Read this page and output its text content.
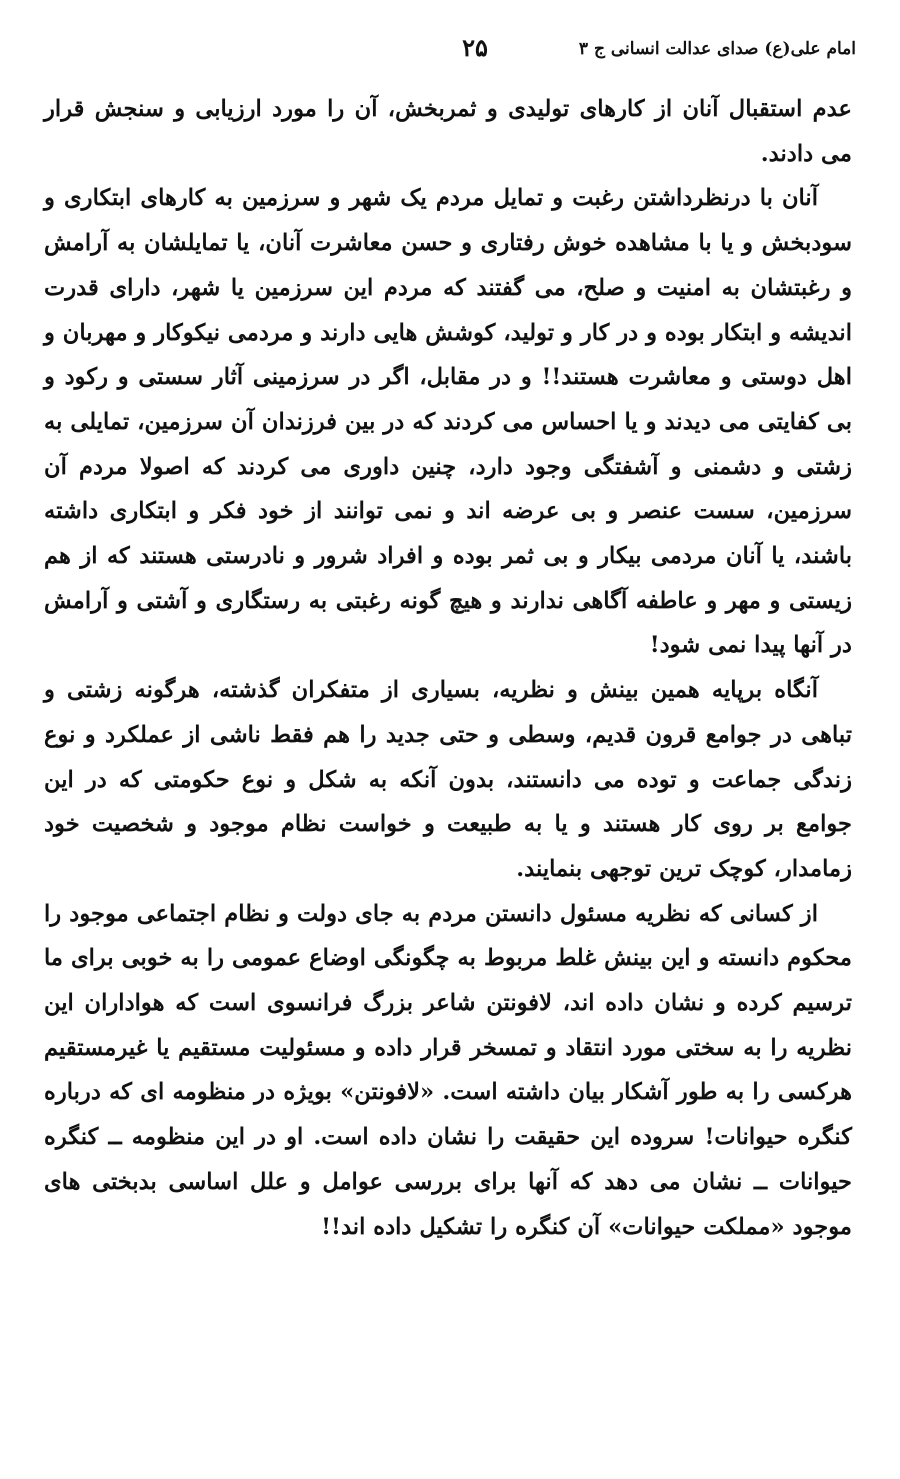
امام علی(ع) صدای عدالت انسانی ج ۳
۲۵

عدم استقبال آنان از کارهای تولیدی و ثمربخش، آن را مورد ارزیابی و سنجش قرار می دادند.

آنان با درنظرداشتن رغبت و تمایل مردم یک شهر و سرزمین به کارهای ابتکاری و سودبخش و یا با مشاهده خوش رفتاری و حسن معاشرت آنان، یا تمایلشان به آرامش و رغبتشان به امنیت و صلح، می گفتند که مردم این سرزمین یا شهر، دارای قدرت اندیشه و ابتکار بوده و در کار و تولید، کوشش هایی دارند و مردمی نیکوکار و مهربان و اهل دوستی و معاشرت هستند!! و در مقابل، اگر در سرزمینی آثار سستی و رکود و بی کفایتی می دیدند و یا احساس می کردند که در بین فرزندان آن سرزمین، تمایلی به زشتی و دشمنی و آشفتگی وجود دارد، چنین داوری می کردند که اصولا مردم آن سرزمین، سست عنصر و بی عرضه اند و نمی توانند از خود فکر و ابتکاری داشته باشند، یا آنان مردمی بیکار و بی ثمر بوده و افراد شرور و نادرستی هستند که از هم زیستی و مهر و عاطفه آگاهی ندارند و هیچ گونه رغبتی به رستگاری و آشتی و آرامش در آنها پیدا نمی شود!

آنگاه برپایه همین بینش و نظریه، بسیاری از متفکران گذشته، هرگونه زشتی و تباهی در جوامع قرون قدیم، وسطی و حتی جدید را هم فقط ناشی از عملکرد و نوع زندگی جماعت و توده می دانستند، بدون آنکه به شکل و نوع حکومتی که در این جوامع بر روی کار هستند و یا به طبیعت و خواست نظام موجود و شخصیت خود زمامدار، کوچک ترین توجهی بنمایند.

از کسانی که نظریه مسئول دانستن مردم به جای دولت و نظام اجتماعی موجود را محکوم دانسته و این بینش غلط مربوط به چگونگی اوضاع عمومی را به خوبی برای ما ترسیم کرده و نشان داده اند، لافونتن شاعر بزرگ فرانسوی است که هواداران این نظریه را به سختی مورد انتقاد و تمسخر قرار داده و مسئولیت مستقیم یا غیرمستقیم هرکسی را به طور آشکار بیان داشته است. «لافونتن» بویژه در منظومه ای که درباره کنگره حیوانات! سروده این حقیقت را نشان داده است. او در این منظومه ــ کنگره حیوانات ــ نشان می دهد که آنها برای بررسی عوامل و علل اساسی بدبختی های موجود «مملکت حیوانات» آن کنگره را تشکیل داده اند!!
